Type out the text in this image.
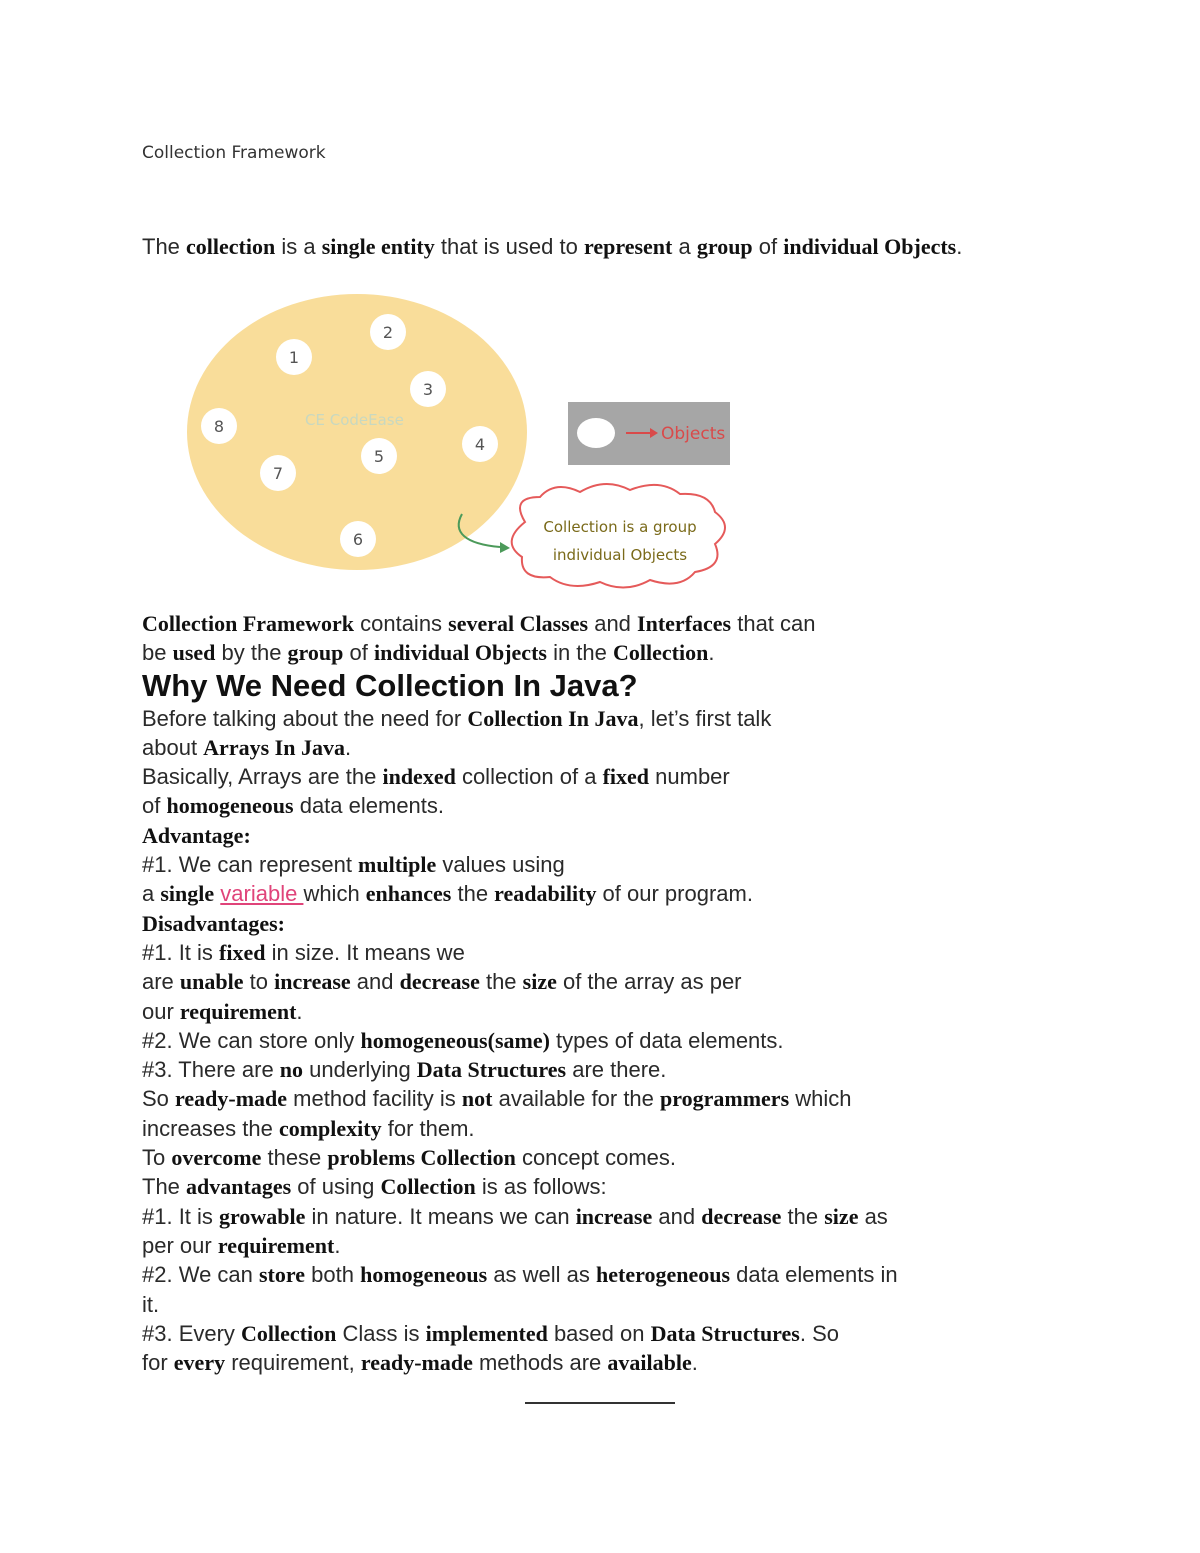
Collection Framework

The collection is a single entity that is used to represent a group of individual Objects.

CE CodeEase
1
2
3
4
5
6
7
8	Objects
Collection is a group
individual Objects

Collection Framework contains several Classes and Interfaces that can

be used by the group of individual Objects in the Collection.

Why We Need Collection In Java?

Before talking about the need for Collection In Java, let’s first talk

about Arrays In Java.

Basically, Arrays are the indexed collection of a fixed number

of homogeneous data elements.

Advantage:

#1. We can represent multiple values using

a single variable which enhances the readability of our program.

Disadvantages:

#1. It is fixed in size. It means we

are unable to increase and decrease the size of the array as per

our requirement.

#2. We can store only homogeneous(same) types of data elements.

#3. There are no underlying Data Structures are there.

So ready-made method facility is not available for the programmers which

increases the complexity for them.

To overcome these problems Collection concept comes.

The advantages of using Collection is as follows:

#1. It is growable in nature. It means we can increase and decrease the size as

per our requirement.

#2. We can store both homogeneous as well as heterogeneous data elements in

it.

#3. Every Collection Class is implemented based on Data Structures. So

for every requirement, ready-made methods are available.
